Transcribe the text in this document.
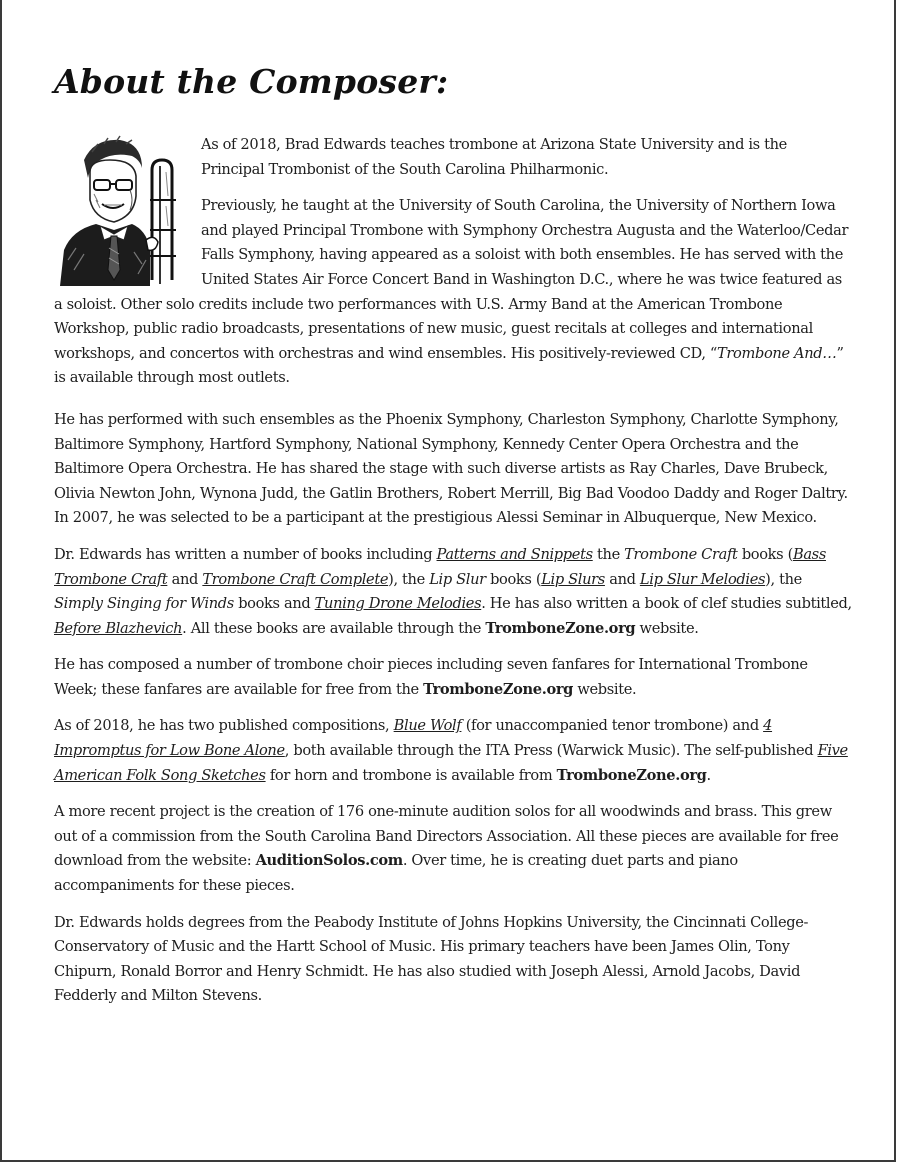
About the Composer:

As of 2018, Brad Edwards teaches trombone at Arizona State University and is the Principal Trombonist of the South Carolina Philharmonic.

Previously, he taught at the University of South Carolina, the University of Northern Iowa and played Principal Trombone with Symphony Orchestra Augusta and the Waterloo/Cedar Falls Symphony, having appeared as a soloist with both ensembles. He has served with the United States Air Force Concert Band in Washington D.C., where he was twice featured as a soloist. Other solo credits include two performances with U.S. Army Band at the American Trombone Workshop, public radio broadcasts, presentations of new music, guest recitals at colleges and international workshops, and concertos with orchestras and wind ensembles. His positively-reviewed CD, “Trombone And…” is available through most outlets.

He has performed with such ensembles as the Phoenix Symphony, Charleston Symphony, Charlotte Symphony, Baltimore Symphony, Hartford Symphony, National Symphony, Kennedy Center Opera Orchestra and the Baltimore Opera Orchestra. He has shared the stage with such diverse artists as Ray Charles, Dave Brubeck, Olivia Newton John, Wynona Judd, the Gatlin Brothers, Robert Merrill, Big Bad Voodoo Daddy and Roger Daltry. In 2007, he was selected to be a participant at the prestigious Alessi Seminar in Albuquerque, New Mexico.

Dr. Edwards has written a number of books including Patterns and Snippets the Trombone Craft books (Bass Trombone Craft and Trombone Craft Complete), the Lip Slur books (Lip Slurs and Lip Slur Melodies), the Simply Singing for Winds books and Tuning Drone Melodies. He has also written a book of clef studies subtitled, Before Blazhevich. All these books are available through the TromboneZone.org website.

He has composed a number of trombone choir pieces including seven fanfares for International Trombone Week; these fanfares are available for free from the TromboneZone.org website.

As of 2018, he has two published compositions, Blue Wolf (for unaccompanied tenor trombone) and 4 Impromptus for Low Bone Alone, both available through the ITA Press (Warwick Music). The self-published Five American Folk Song Sketches for horn and trombone is available from TromboneZone.org.

A more recent project is the creation of 176 one-minute audition solos for all woodwinds and brass. This grew out of a commission from the South Carolina Band Directors Association. All these pieces are available for free download from the website: AuditionSolos.com. Over time, he is creating duet parts and piano accompaniments for these pieces.

Dr. Edwards holds degrees from the Peabody Institute of Johns Hopkins University, the Cincinnati College-Conservatory of Music and the Hartt School of Music. His primary teachers have been James Olin, Tony Chipurn, Ronald Borror and Henry Schmidt. He has also studied with Joseph Alessi, Arnold Jacobs, David Fedderly and Milton Stevens.
